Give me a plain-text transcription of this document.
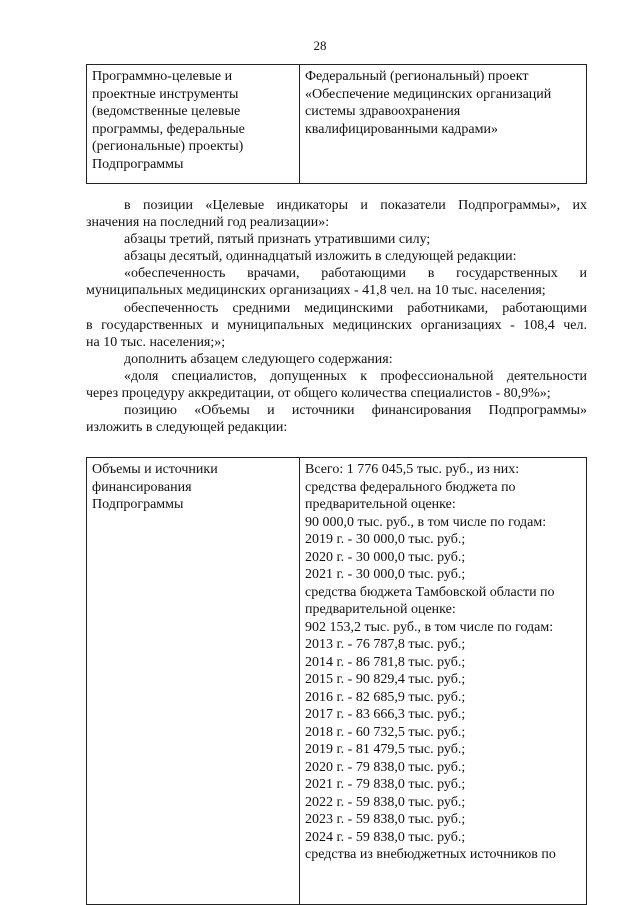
28
Программно-целевые и
проектные инструменты
(ведомственные целевые
программы, федеральные
(региональные) проекты)
Подпрограммы

Федеральный (региональный) проект
«Обеспечение медицинских организаций
системы здравоохранения
квалифицированными кадрами»
в позиции «Целевые индикаторы и показатели Подпрограммы», их
значения на последний год реализации»:
абзацы третий, пятый признать утратившими силу;
абзацы десятый, одиннадцатый изложить в следующей редакции:
«обеспеченность врачами, работающими в государственных и
муниципальных медицинских организациях - 41,8 чел. на 10 тыс. населения;
обеспеченность средними медицинскими работниками, работающими
в государственных и муниципальных медицинских организациях - 108,4 чел.
на 10 тыс. населения;»;
дополнить абзацем следующего содержания:
«доля специалистов, допущенных к профессиональной деятельности
через процедуру аккредитации, от общего количества специалистов - 80,9%»;
позицию «Объемы и источники финансирования Подпрограммы»
изложить в следующей редакции:
Объемы и источники
финансирования
Подпрограммы

Всего: 1 776 045,5 тыс. руб., из них:
средства федерального бюджета по
предварительной оценке:
90 000,0 тыс. руб., в том числе по годам:
2019 г. - 30 000,0 тыс. руб.;
2020 г. - 30 000,0 тыс. руб.;
2021 г. - 30 000,0 тыс. руб.;
средства бюджета Тамбовской области по
предварительной оценке:
902 153,2 тыс. руб., в том числе по годам:
2013 г. - 76 787,8 тыс. руб.;
2014 г. - 86 781,8 тыс. руб.;
2015 г. - 90 829,4 тыс. руб.;
2016 г. - 82 685,9 тыс. руб.;
2017 г. - 83 666,3 тыс. руб.;
2018 г. - 60 732,5 тыс. руб.;
2019 г. - 81 479,5 тыс. руб.;
2020 г. - 79 838,0 тыс. руб.;
2021 г. - 79 838,0 тыс. руб.;
2022 г. - 59 838,0 тыс. руб.;
2023 г. - 59 838,0 тыс. руб.;
2024 г. - 59 838,0 тыс. руб.;
средства из внебюджетных источников по
